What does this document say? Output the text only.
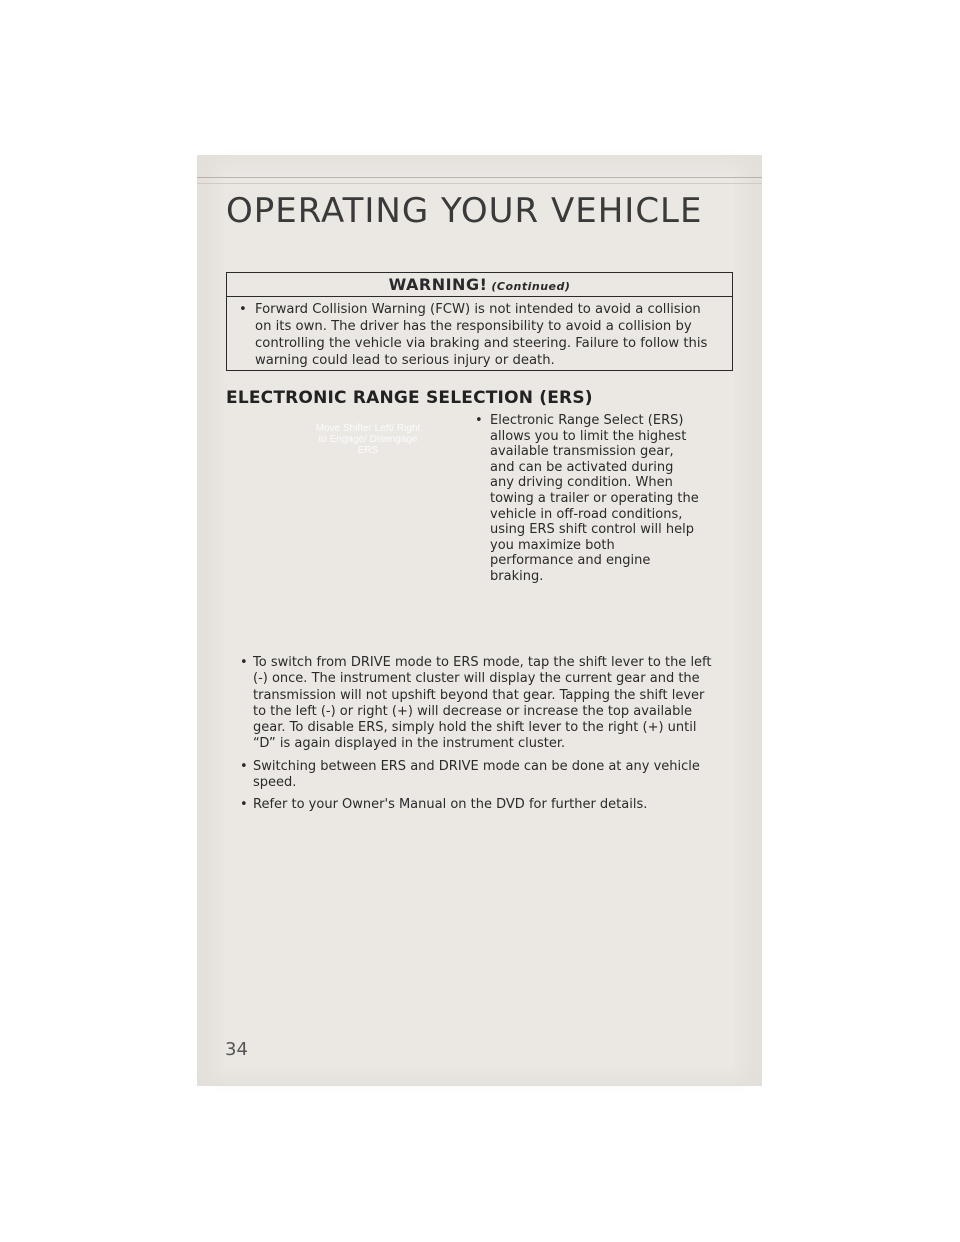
OPERATING YOUR VEHICLE
WARNING! (Continued)
• Forward Collision Warning (FCW) is not intended to avoid a collision on its own. The driver has the responsibility to avoid a collision by controlling the vehicle via braking and steering. Failure to follow this warning could lead to serious injury or death.
ELECTRONIC RANGE SELECTION (ERS)
Move Shifter Left/ Right to Engage/ Disengage ERS
• Electronic Range Select (ERS) allows you to limit the highest available transmission gear, and can be activated during any driving condition. When towing a trailer or operating the vehicle in off-road conditions, using ERS shift control will help you maximize both performance and engine braking.
• To switch from DRIVE mode to ERS mode, tap the shift lever to the left (-) once. The instrument cluster will display the current gear and the transmission will not upshift beyond that gear. Tapping the shift lever to the left (-) or right (+) will decrease or increase the top available gear. To disable ERS, simply hold the shift lever to the right (+) until “D” is again displayed in the instrument cluster.
• Switching between ERS and DRIVE mode can be done at any vehicle speed.
• Refer to your Owner's Manual on the DVD for further details.
34
